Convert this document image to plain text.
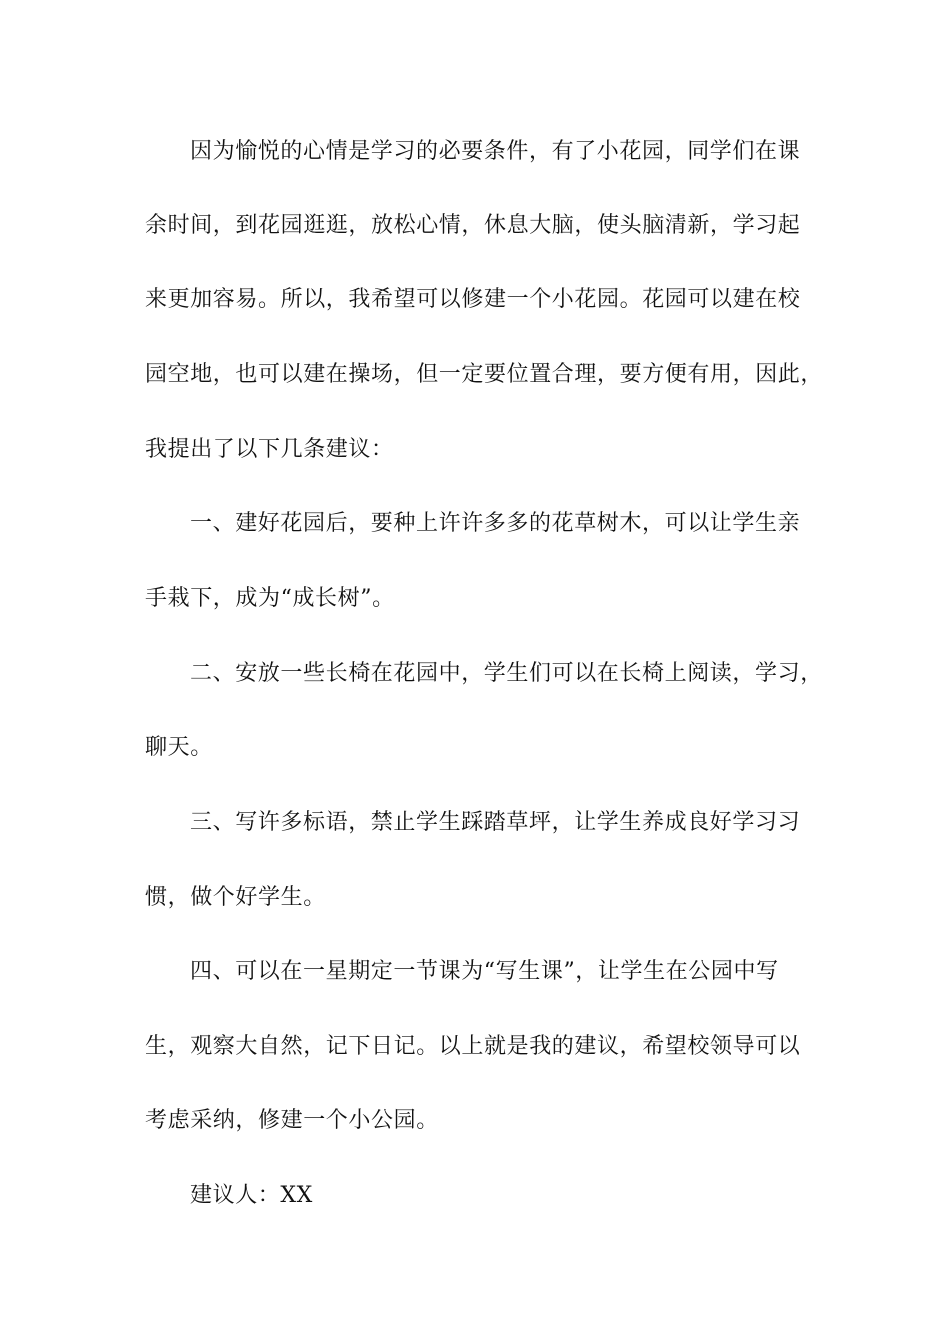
因为愉悦的心情是学习的必要条件，有了小花园，同学们在课
余时间，到花园逛逛，放松心情，休息大脑，使头脑清新，学习起
来更加容易。所以，我希望可以修建一个小花园。花园可以建在校
园空地，也可以建在操场，但一定要位置合理，要方便有用，因此，
我提出了以下几条建议：
一、建好花园后，要种上许许多多的花草树木，可以让学生亲
手栽下，成为“成长树”。
二、安放一些长椅在花园中，学生们可以在长椅上阅读，学习，
聊天。
三、写许多标语，禁止学生踩踏草坪，让学生养成良好学习习
惯，做个好学生。
四、可以在一星期定一节课为“写生课”，让学生在公园中写
生，观察大自然，记下日记。以上就是我的建议，希望校领导可以
考虑采纳，修建一个小公园。
建议人：XX
